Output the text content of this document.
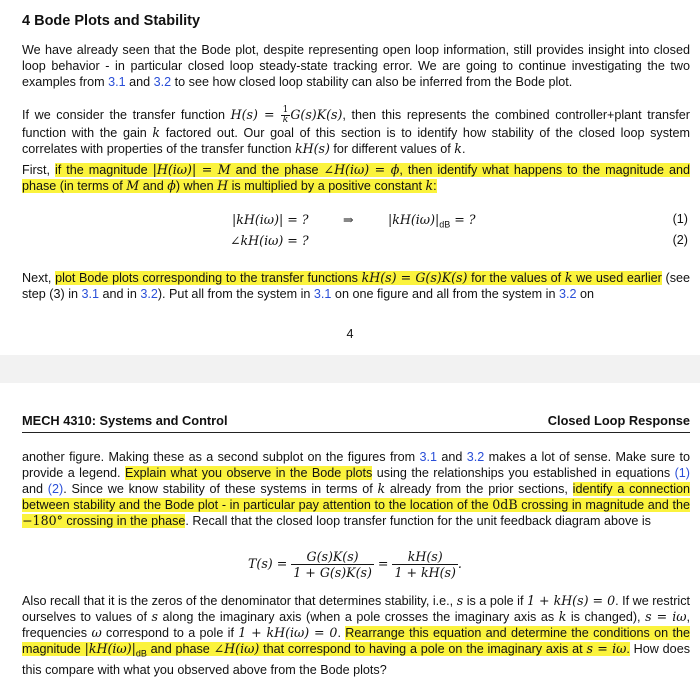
4 Bode Plots and Stability
We have already seen that the Bode plot, despite representing open loop information, still provides insight into closed loop behavior - in particular closed loop steady-state tracking error. We are going to continue investigating the two examples from 3.1 and 3.2 to see how closed loop stability can also be inferred from the Bode plot.
If we consider the transfer function $H(s) = \frac{1}{k} G(s)K(s)$, then this represents the combined controller+plant transfer function with the gain k factored out. Our goal of this section is to identify how stability of the closed loop system correlates with properties of the transfer function kH(s) for different values of k.
First, if the magnitude |H(iω)| = M and the phase ∠H(iω) = ϕ, then identify what happens to the magnitude and phase (in terms of M and ϕ) when H is multiplied by a positive constant k:
|kH(iω)| = ?	⇒	$|kH(i\omega)|_{dB}$ = ?	(1)
∠kH(iω) = ?	(2)
Next, plot Bode plots corresponding to the transfer functions kH(s) = G(s)K(s) for the values of k we used earlier (see step (3) in 3.1 and in 3.2). Put all from the system in 3.1 on one figure and all from the system in 3.2 on
4
MECH 4310: Systems and Control	Closed Loop Response
another figure. Making these as a second subplot on the figures from 3.1 and 3.2 makes a lot of sense. Make sure to provide a legend. Explain what you observe in the Bode plots using the relationships you established in equations (1) and (2). Since we know stability of these systems in terms of k already from the prior sections, identify a connection between stability and the Bode plot - in particular pay attention to the location of the 0dB crossing in magnitude and the −180° crossing in the phase. Recall that the closed loop transfer function for the unit feedback diagram above is
$T(s) = \frac{G(s)K(s)}{1 + G(s)K(s)} = \frac{kH(s)}{1 + kH(s)}$ .
Also recall that it is the zeros of the denominator that determines stability, i.e., s is a pole if 1 + kH(s) = 0. If we restrict ourselves to values of s along the imaginary axis (when a pole crosses the imaginary axis as k is changed), s = iω, frequencies ω correspond to a pole if 1 + kH(iω) = 0. Rearrange this equation and determine the conditions on the magnitude $|kH(i\omega)|_{dB}$ and phase ∠H(iω) that correspond to having a pole on the imaginary axis at s = iω. How does this compare with what you observed above from the Bode plots?
